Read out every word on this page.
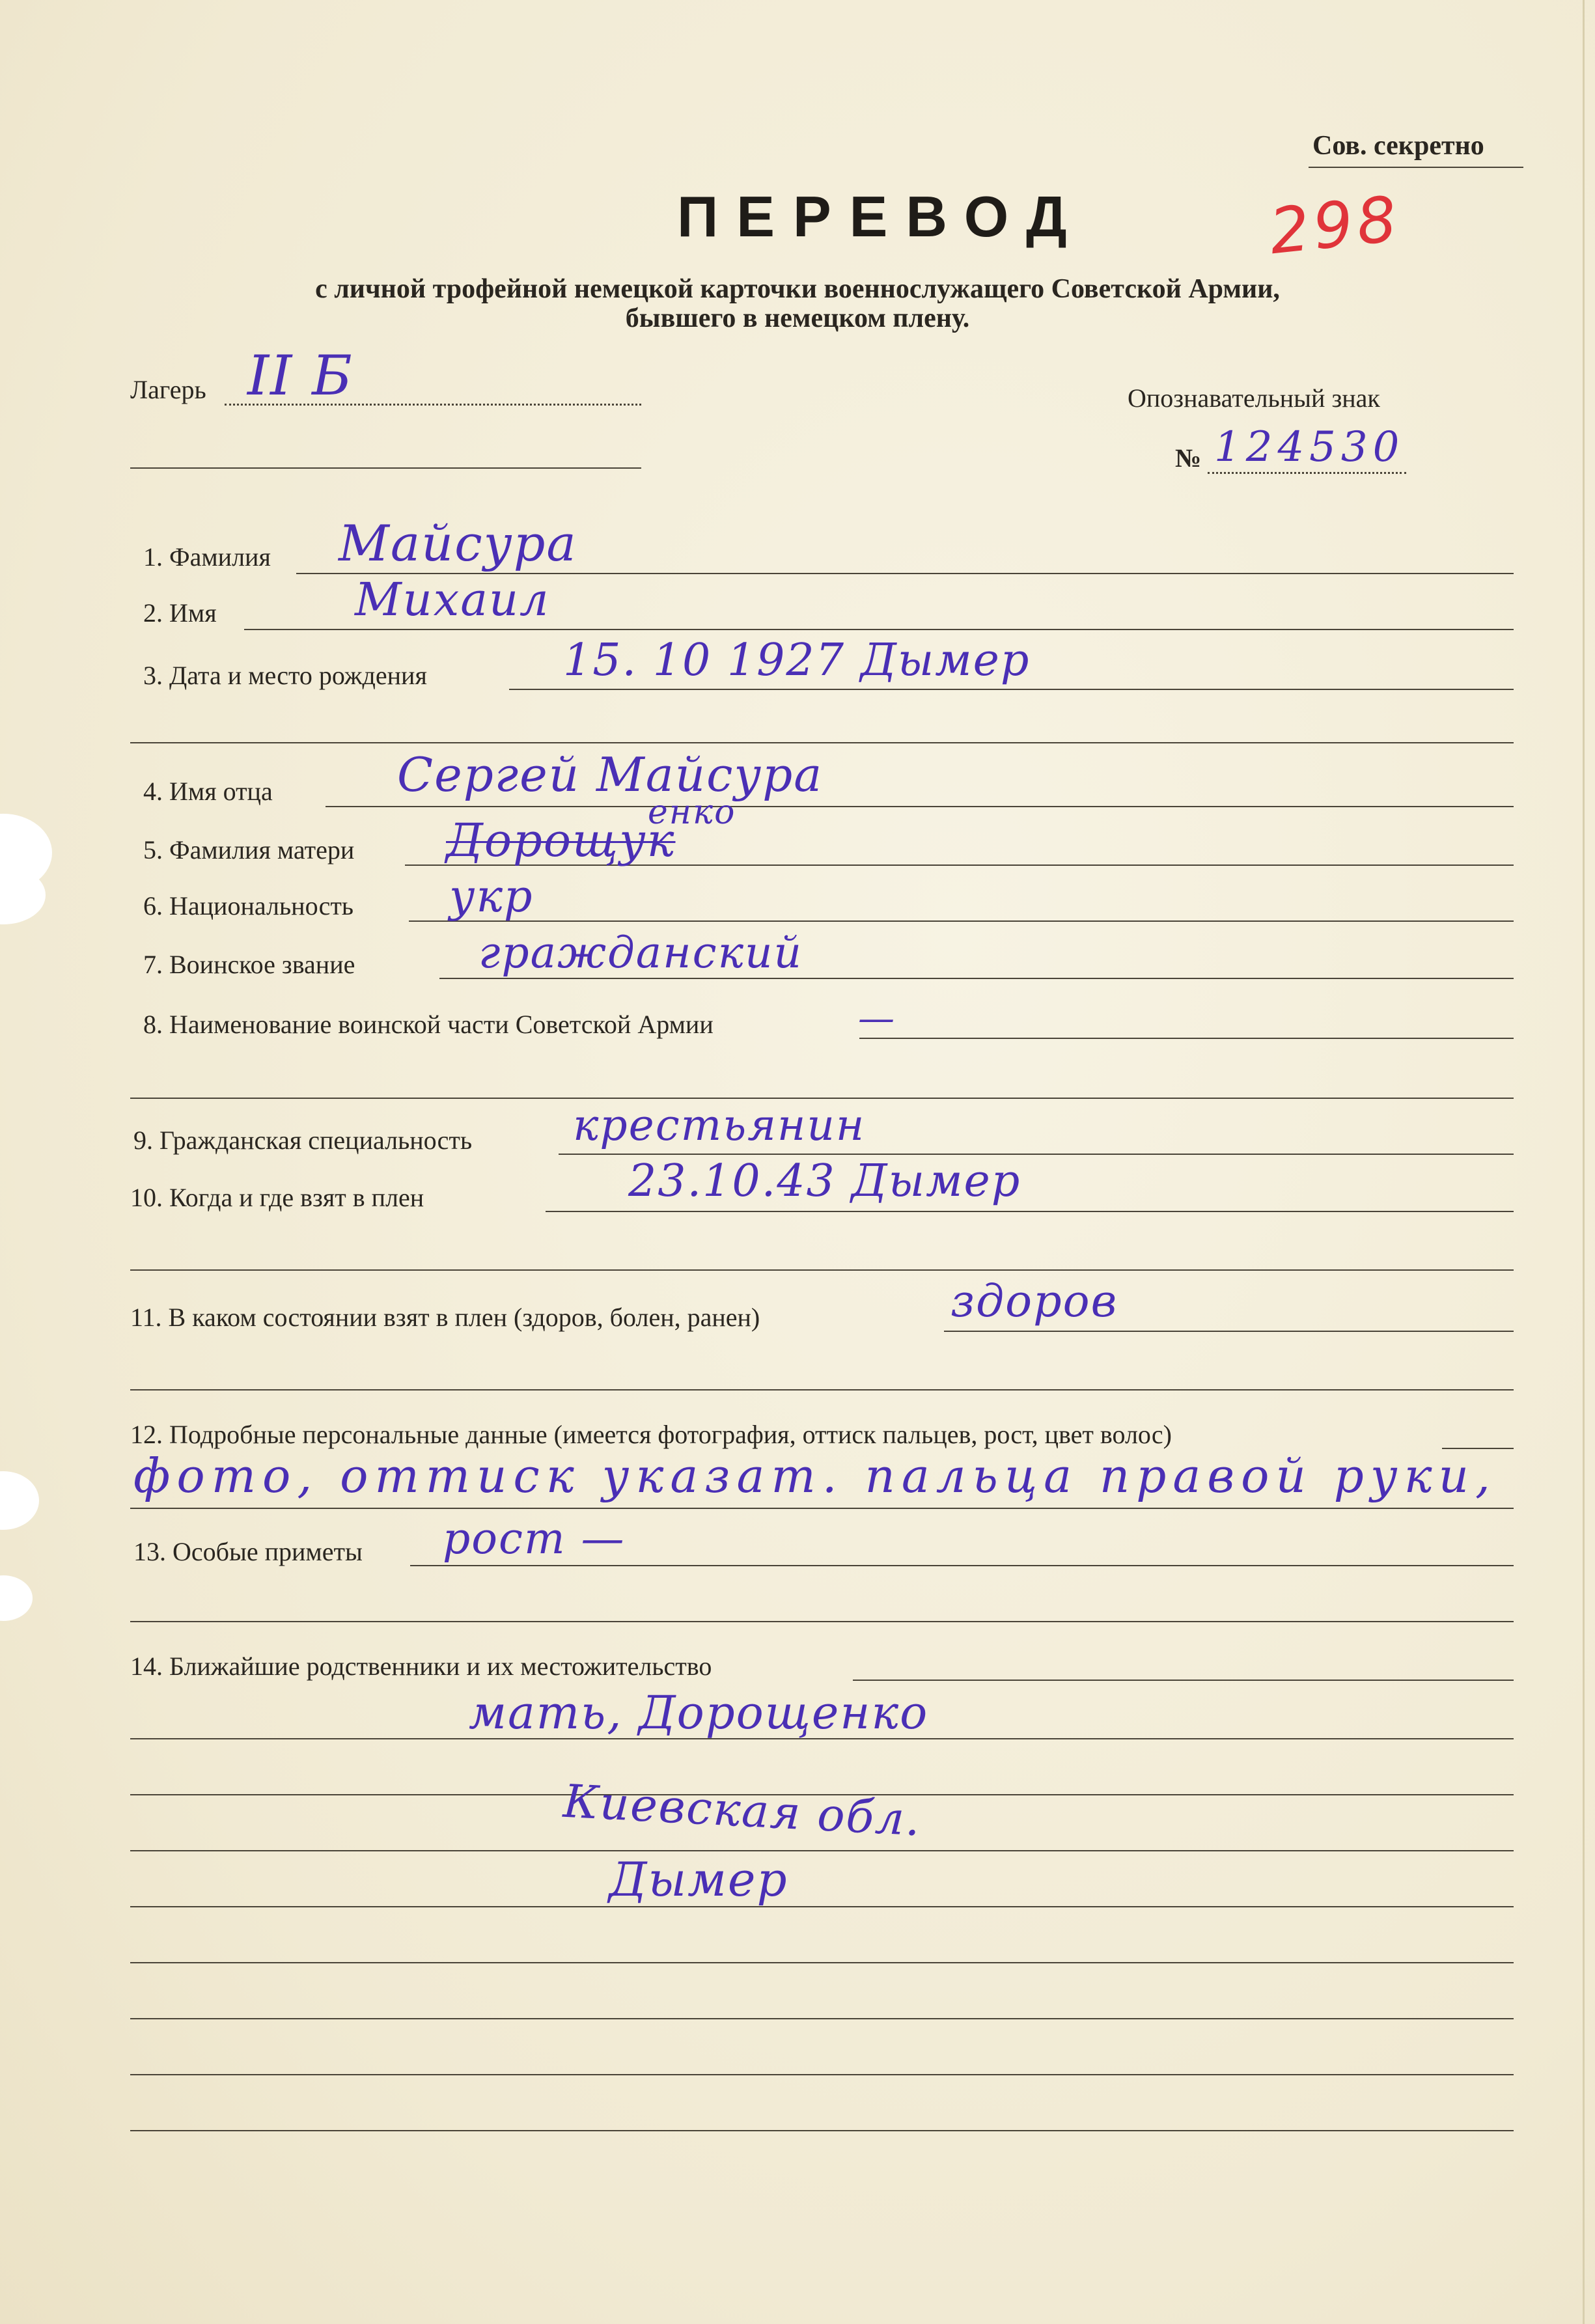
Сов. секретно
ПЕРЕВОД	298
с личной трофейной немецкой карточки военнослужащего Советской Армии,
бывшего в немецком плену.
Лагерь II Б	Опознавательный знак
№ 124530
1. Фамилия Майсура
2. Имя	Михаил
3. Дата и место рождения	15. 10 1927 Дымер
4. Имя отца	Сергей Майсура
5. Фамилия матери Дорощук
енко
6. Национальность укр
7. Воинское звание	гражданский
8. Наименование воинской части Советской Армии	—
9. Гражданская специальность крестьянин
10. Когда и где взят в плен	23.10.43 Дымер
11. В каком состоянии взят в плен (здоров, болен, ранен)	здоров
12. Подробные персональные данные (имеется фотография, оттиск пальцев, рост, цвет волос)
фото, оттиск указат. пальца правой руки,
13. Особые приметы рост —
14. Ближайшие родственники и их местожительство
мать, Дорощенко
Киевская обл.
Дымер
